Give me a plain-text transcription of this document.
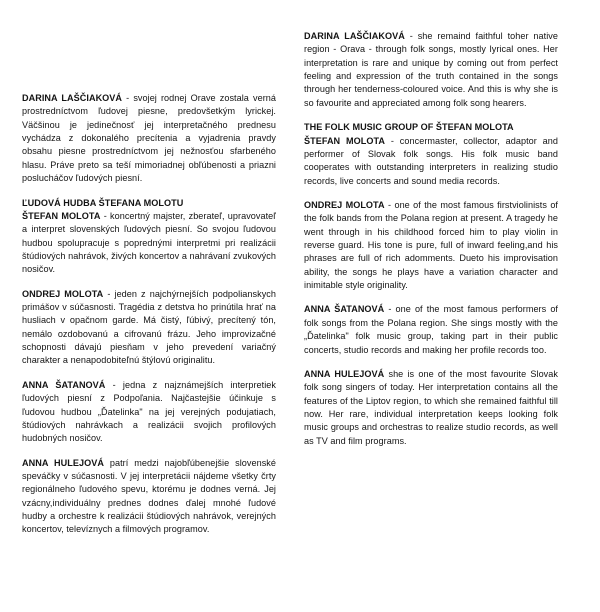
DARINA LAŠČIAKOVÁ - svojej rodnej Orave zostala verná prostredníctvom ľudovej piesne, predovšetkým lyrickej. Väčšinou je jedinečnosť jej interpretačného prednesu vychádza z dokonalého precítenia a vyjadrenia pravdy obsahu piesne prostredníctvom jej nežnosťou sfarbeného hlasu. Práve preto sa teší mimoriadnej obľúbenosti a priazni poslucháčov ľudových piesní.

ĽUDOVÁ HUDBA ŠTEFANA MOLOTU

ŠTEFAN MOLOTA - koncertný majster, zberateľ, upravovateľ a interpret slovenských ľudových piesní. So svojou ľudovou hudbou spolupracuje s poprednými interpretmi pri realizácii štúdiových nahrávok, živých koncertov a nahrávaní zvukových nosičov.

ONDREJ MOLOTA - jeden z najchýrnejších podpolianskych primášov v súčasnosti. Tragédia z detstva ho prinútila hrať na husliach v opačnom garde. Má čistý, ľúbivý, precítený tón, nemálo ozdobovanú a cifrovanú frázu. Jeho improvizačné schopnosti dávajú piesňam v jeho prevedení variačný charakter a nenapodobiteľnú štýlovú originalitu.

ANNA ŠATANOVÁ - jedna z najznámejších interpretiek ľudových piesní z Podpoľania. Najčastejšie účinkuje s ľudovou hudbou „Ďatelinka" na jej verejných podujatiach, štúdiových nahrávkach a realizácii svojich profilových hudobných nosičov.

ANNA HULEJOVÁ patrí medzi najobľúbenejšie slovenské speváčky v súčasnosti. V jej interpretácii nájdeme všetky črty regionálneho ľudového spevu, ktorému je dodnes verná. Jej vzácny,individuálny prednes dodnes ďalej mnohé ľudové hudby a orchestre k realizácii štúdiových nahrávok, verejných koncertov, televíznych a filmových programov.

DARINA LAŠČIAKOVÁ - she remaind faithful toher native region - Orava - through folk songs, mostly lyrical ones. Her interpretation is rare and unique by coming out from perfect feeling and expression of the truth contained in the songs through her tenderness-coloured voice. And this is why she is so favourite and appreciated among folk song hearers.

THE FOLK MUSIC GROUP OF ŠTEFAN MOLOTA

ŠTEFAN MOLOTA - concermaster, collector, adaptor and performer of Slovak folk songs. His folk music band cooperates with outstanding interpreters in realizing studio records, live concerts and sound media records.

ONDREJ MOLOTA - one of the most famous firstviolinists of the folk bands from the Polana region at present. A tragedy he went through in his childhood forced him to play violin in reverse guard. His tone is pure, full of inward feeling,and his phrases are full of rich adomments. Dueto his improvisation ability, the songs he plays have a variation character and inimitable style originality.

ANNA ŠATANOVÁ - one of the most famous performers of folk songs from the Polana region. She sings mostly with the „Ďatelinka" folk music group, taking part in their public concerts, studio records and making her profile records too.

ANNA HULEJOVÁ she is one of the most favourite Slovak folk song singers of today. Her interpretation contains all the features of the Liptov region, to which she remained faithful till now. Her rare, individual interpretation keeps looking folk music groups and orchestras to realize studio records, as well as TV and film programs.
